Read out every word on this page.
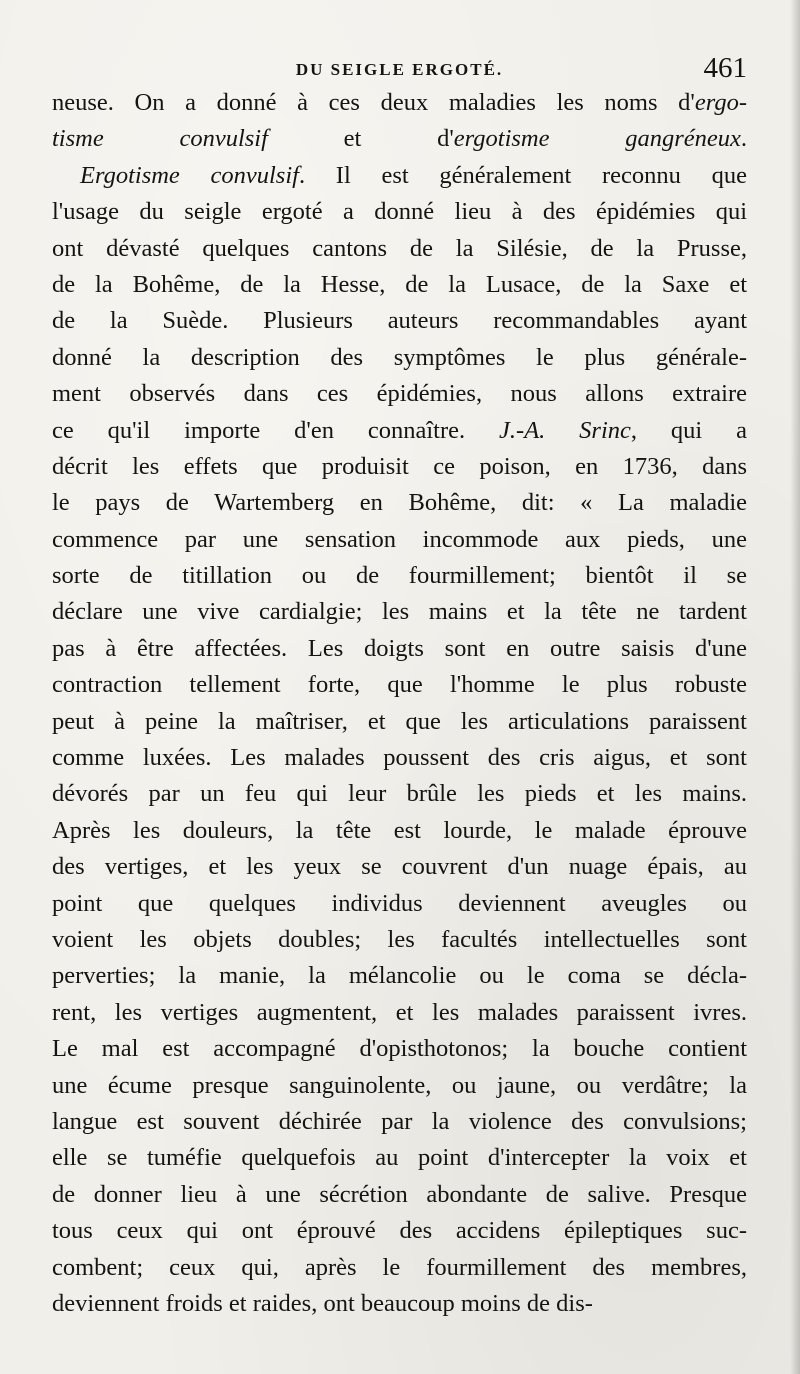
DU SEIGLE ERGOTÉ.	461
neuse. On a donné à ces deux maladies les noms d'ergo-
tisme convulsif et d'ergotisme gangréneux.
Ergotisme convulsif. Il est généralement reconnu que
l'usage du seigle ergoté a donné lieu à des épidémies qui
ont dévasté quelques cantons de la Silésie, de la Prusse,
de la Bohême, de la Hesse, de la Lusace, de la Saxe et
de la Suède. Plusieurs auteurs recommandables ayant
donné la description des symptômes le plus générale-
ment observés dans ces épidémies, nous allons extraire
ce qu'il importe d'en connaître. J.-A. Srinc, qui a
décrit les effets que produisit ce poison, en 1736, dans
le pays de Wartemberg en Bohême, dit: « La maladie
commence par une sensation incommode aux pieds, une
sorte de titillation ou de fourmillement; bientôt il se
déclare une vive cardialgie; les mains et la tête ne tardent
pas à être affectées. Les doigts sont en outre saisis d'une
contraction tellement forte, que l'homme le plus robuste
peut à peine la maîtriser, et que les articulations paraissent
comme luxées. Les malades poussent des cris aigus, et sont
dévorés par un feu qui leur brûle les pieds et les mains.
Après les douleurs, la tête est lourde, le malade éprouve
des vertiges, et les yeux se couvrent d'un nuage épais, au
point que quelques individus deviennent aveugles ou
voient les objets doubles; les facultés intellectuelles sont
perverties; la manie, la mélancolie ou le coma se décla-
rent, les vertiges augmentent, et les malades paraissent ivres.
Le mal est accompagné d'opisthotonos; la bouche contient
une écume presque sanguinolente, ou jaune, ou verdâtre; la
langue est souvent déchirée par la violence des convulsions;
elle se tuméfie quelquefois au point d'intercepter la voix et
de donner lieu à une sécrétion abondante de salive. Presque
tous ceux qui ont éprouvé des accidens épileptiques suc-
combent; ceux qui, après le fourmillement des membres,
deviennent froids et raides, ont beaucoup moins de dis-
